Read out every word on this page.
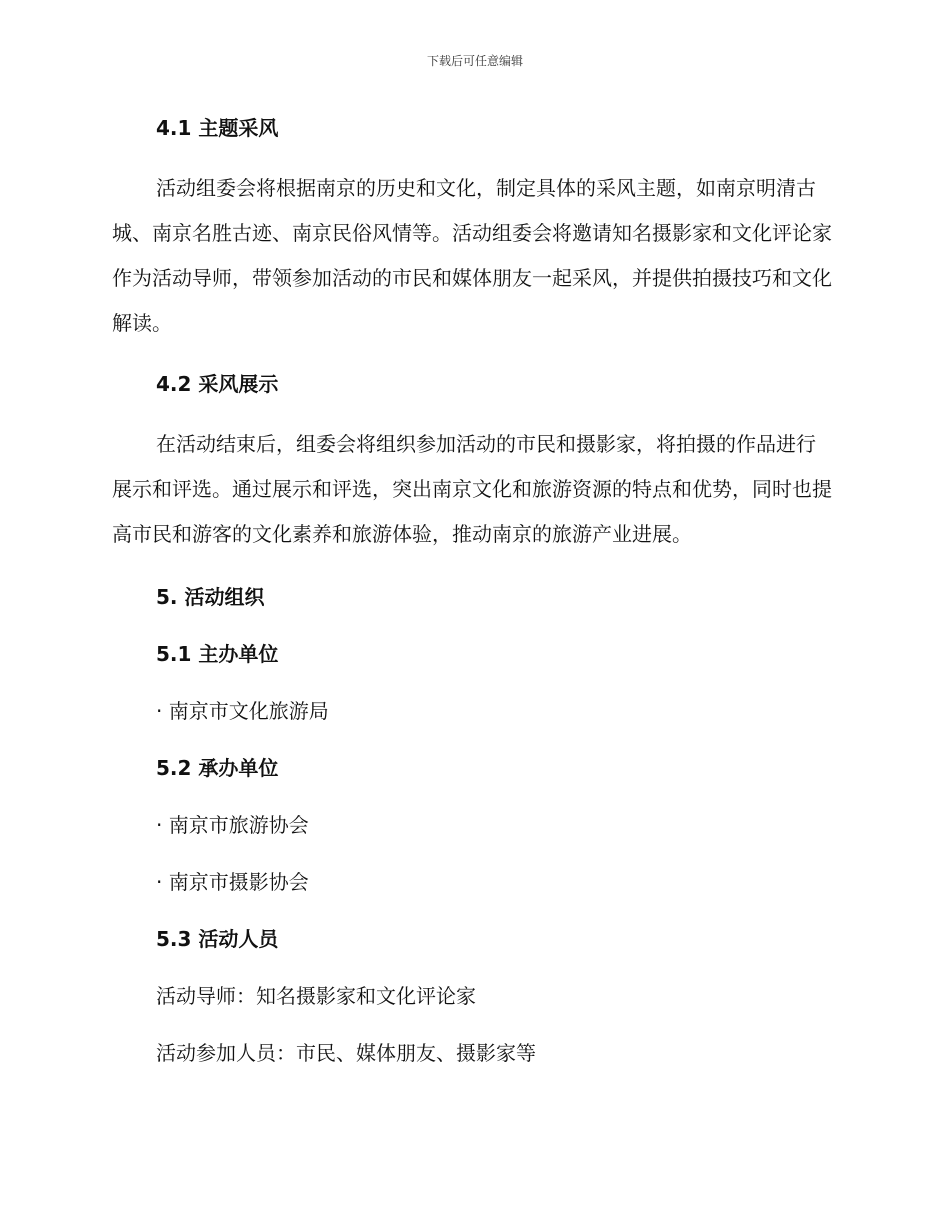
下载后可任意编辑
4.1 主题采风

活动组委会将根据南京的历史和文化，制定具体的采风主题，如南京明清古城、南京名胜古迹、南京民俗风情等。活动组委会将邀请知名摄影家和文化评论家作为活动导师，带领参加活动的市民和媒体朋友一起采风，并提供拍摄技巧和文化解读。

4.2 采风展示

在活动结束后，组委会将组织参加活动的市民和摄影家，将拍摄的作品进行展示和评选。通过展示和评选，突出南京文化和旅游资源的特点和优势，同时也提高市民和游客的文化素养和旅游体验，推动南京的旅游产业进展。

5. 活动组织
5.1 主办单位

· 南京市文化旅游局

5.2 承办单位

· 南京市旅游协会

· 南京市摄影协会

5.3 活动人员

活动导师：知名摄影家和文化评论家

活动参加人员：市民、媒体朋友、摄影家等
